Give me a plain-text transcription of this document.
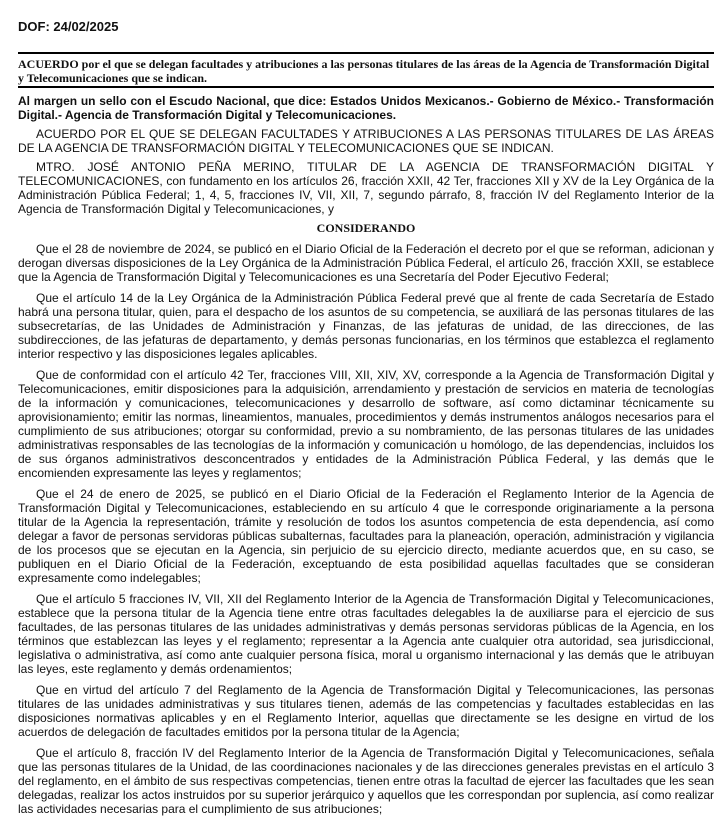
DOF: 24/02/2025
ACUERDO por el que se delegan facultades y atribuciones a las personas titulares de las áreas de la Agencia de Transformación Digital y Telecomunicaciones que se indican.
Al margen un sello con el Escudo Nacional, que dice: Estados Unidos Mexicanos.- Gobierno de México.- Transformación Digital.- Agencia de Transformación Digital y Telecomunicaciones.

ACUERDO POR EL QUE SE DELEGAN FACULTADES Y ATRIBUCIONES A LAS PERSONAS TITULARES DE LAS ÁREAS DE LA AGENCIA DE TRANSFORMACIÓN DIGITAL Y TELECOMUNICACIONES QUE SE INDICAN.

MTRO. JOSÉ ANTONIO PEÑA MERINO, TITULAR DE LA AGENCIA DE TRANSFORMACIÓN DIGITAL Y TELECOMUNICACIONES, con fundamento en los artículos 26, fracción XXII, 42 Ter, fracciones XII y XV de la Ley Orgánica de la Administración Pública Federal; 1, 4, 5, fracciones IV, VII, XII, 7, segundo párrafo, 8, fracción IV del Reglamento Interior de la Agencia de Transformación Digital y Telecomunicaciones, y

CONSIDERANDO

Que el 28 de noviembre de 2024, se publicó en el Diario Oficial de la Federación el decreto por el que se reforman, adicionan y derogan diversas disposiciones de la Ley Orgánica de la Administración Pública Federal, el artículo 26, fracción XXII, se establece que la Agencia de Transformación Digital y Telecomunicaciones es una Secretaría del Poder Ejecutivo Federal;

Que el artículo 14 de la Ley Orgánica de la Administración Pública Federal prevé que al frente de cada Secretaría de Estado habrá una persona titular, quien, para el despacho de los asuntos de su competencia, se auxiliará de las personas titulares de las subsecretarías, de las Unidades de Administración y Finanzas, de las jefaturas de unidad, de las direcciones, de las subdirecciones, de las jefaturas de departamento, y demás personas funcionarias, en los términos que establezca el reglamento interior respectivo y las disposiciones legales aplicables.

Que de conformidad con el artículo 42 Ter, fracciones VIII, XII, XIV, XV, corresponde a la Agencia de Transformación Digital y Telecomunicaciones, emitir disposiciones para la adquisición, arrendamiento y prestación de servicios en materia de tecnologías de la información y comunicaciones, telecomunicaciones y desarrollo de software, así como dictaminar técnicamente su aprovisionamiento; emitir las normas, lineamientos, manuales, procedimientos y demás instrumentos análogos necesarios para el cumplimiento de sus atribuciones; otorgar su conformidad, previo a su nombramiento, de las personas titulares de las unidades administrativas responsables de las tecnologías de la información y comunicación u homólogo, de las dependencias, incluidos los de sus órganos administrativos desconcentrados y entidades de la Administración Pública Federal, y las demás que le encomienden expresamente las leyes y reglamentos;

Que el 24 de enero de 2025, se publicó en el Diario Oficial de la Federación el Reglamento Interior de la Agencia de Transformación Digital y Telecomunicaciones, estableciendo en su artículo 4 que le corresponde originariamente a la persona titular de la Agencia la representación, trámite y resolución de todos los asuntos competencia de esta dependencia, así como delegar a favor de personas servidoras públicas subalternas, facultades para la planeación, operación, administración y vigilancia de los procesos que se ejecutan en la Agencia, sin perjuicio de su ejercicio directo, mediante acuerdos que, en su caso, se publiquen en el Diario Oficial de la Federación, exceptuando de esta posibilidad aquellas facultades que se consideran expresamente como indelegables;

Que el artículo 5 fracciones IV, VII, XII del Reglamento Interior de la Agencia de Transformación Digital y Telecomunicaciones, establece que la persona titular de la Agencia tiene entre otras facultades delegables la de auxiliarse para el ejercicio de sus facultades, de las personas titulares de las unidades administrativas y demás personas servidoras públicas de la Agencia, en los términos que establezcan las leyes y el reglamento; representar a la Agencia ante cualquier otra autoridad, sea jurisdiccional, legislativa o administrativa, así como ante cualquier persona física, moral u organismo internacional y las demás que le atribuyan las leyes, este reglamento y demás ordenamientos;

Que en virtud del artículo 7 del Reglamento de la Agencia de Transformación Digital y Telecomunicaciones, las personas titulares de las unidades administrativas y sus titulares tienen, además de las competencias y facultades establecidas en las disposiciones normativas aplicables y en el Reglamento Interior, aquellas que directamente se les designe en virtud de los acuerdos de delegación de facultades emitidos por la persona titular de la Agencia;

Que el artículo 8, fracción IV del Reglamento Interior de la Agencia de Transformación Digital y Telecomunicaciones, señala que las personas titulares de la Unidad, de las coordinaciones nacionales y de las direcciones generales previstas en el artículo 3 del reglamento, en el ámbito de sus respectivas competencias, tienen entre otras la facultad de ejercer las facultades que les sean delegadas, realizar los actos instruidos por su superior jerárquico y aquellos que les correspondan por suplencia, así como realizar las actividades necesarias para el cumplimiento de sus atribuciones;
